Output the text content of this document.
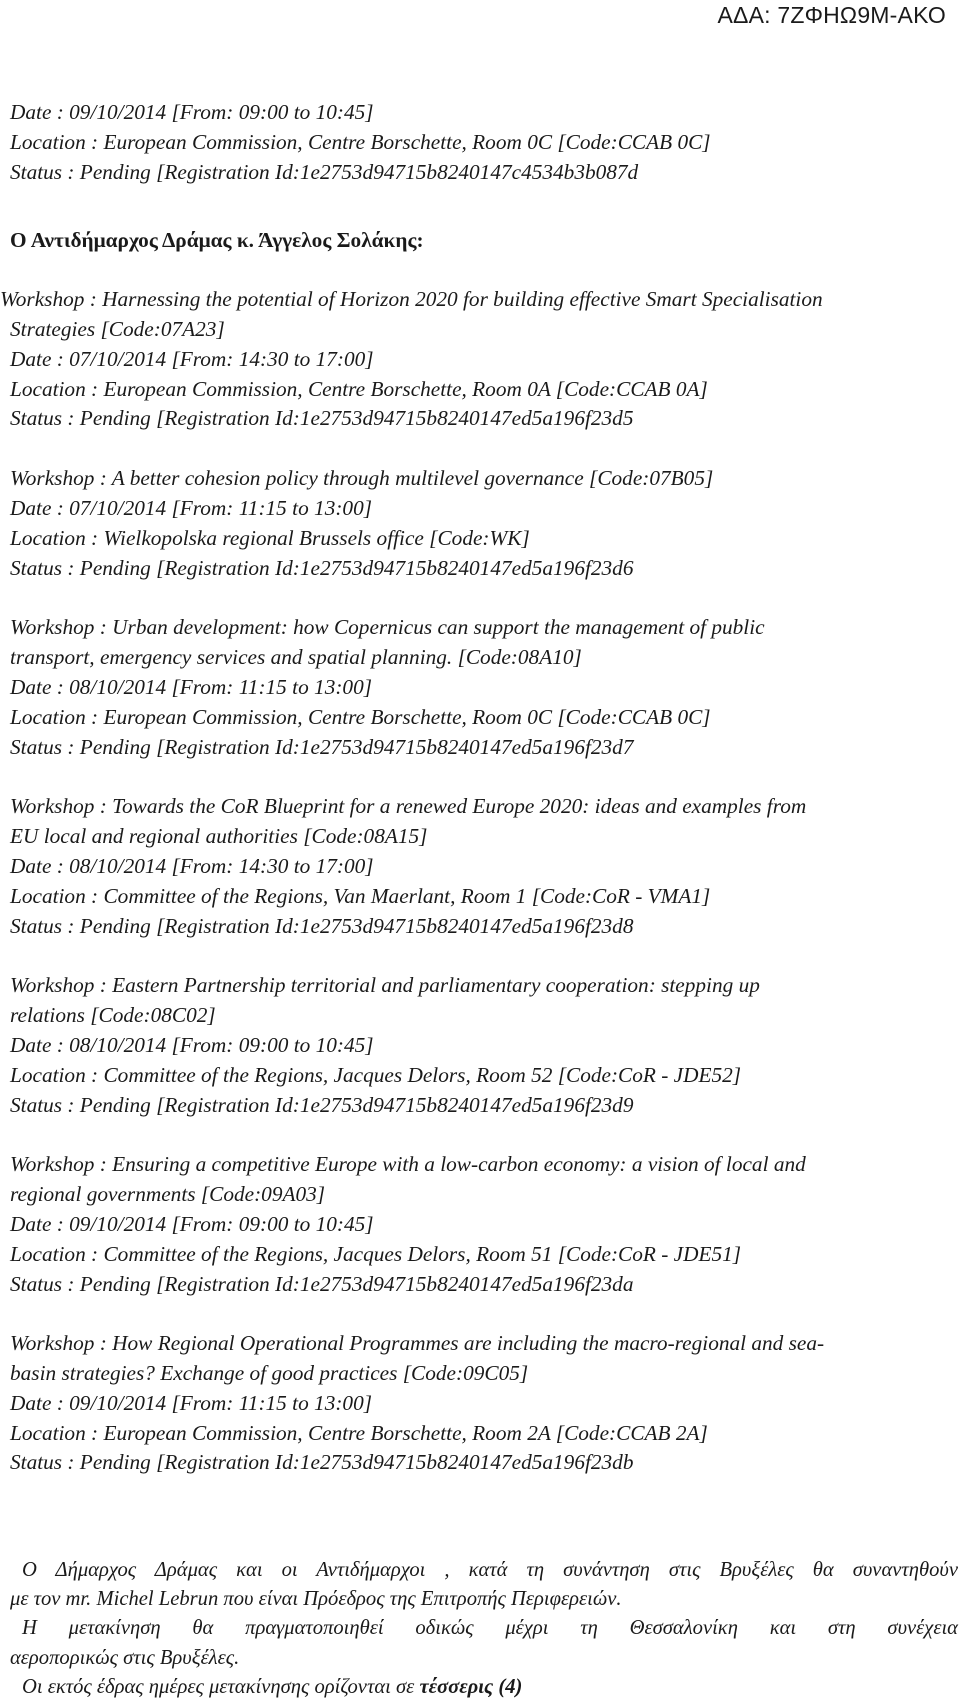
ΑΔΑ: 7ΖΦΗΩ9Μ-ΑΚΟ
Date : 09/10/2014 [From: 09:00 to 10:45]
Location : European Commission, Centre Borschette, Room 0C [Code:CCAB 0C]
Status : Pending [Registration Id:1e2753d94715b8240147c4534b3b087d
Ο Αντιδήμαρχος Δράμας κ. Άγγελος Σολάκης:
Workshop : Harnessing the potential of Horizon 2020 for building effective Smart Specialisation
Strategies [Code:07A23]
Date : 07/10/2014 [From: 14:30 to 17:00]
Location : European Commission, Centre Borschette, Room 0A [Code:CCAB 0A]
Status : Pending [Registration Id:1e2753d94715b8240147ed5a196f23d5
Workshop : A better cohesion policy through multilevel governance [Code:07B05]
Date : 07/10/2014 [From: 11:15 to 13:00]
Location : Wielkopolska regional Brussels office [Code:WK]
Status : Pending [Registration Id:1e2753d94715b8240147ed5a196f23d6
Workshop : Urban development: how Copernicus can support the management of public
transport, emergency services and spatial planning. [Code:08A10]
Date : 08/10/2014 [From: 11:15 to 13:00]
Location : European Commission, Centre Borschette, Room 0C [Code:CCAB 0C]
Status : Pending [Registration Id:1e2753d94715b8240147ed5a196f23d7
Workshop : Towards the CoR Blueprint for a renewed Europe 2020: ideas and examples from
EU local and regional authorities [Code:08A15]
Date : 08/10/2014 [From: 14:30 to 17:00]
Location : Committee of the Regions, Van Maerlant, Room 1 [Code:CoR - VMA1]
Status : Pending [Registration Id:1e2753d94715b8240147ed5a196f23d8
Workshop : Eastern Partnership territorial and parliamentary cooperation: stepping up
relations [Code:08C02]
Date : 08/10/2014 [From: 09:00 to 10:45]
Location : Committee of the Regions, Jacques Delors, Room 52 [Code:CoR - JDE52]
Status : Pending [Registration Id:1e2753d94715b8240147ed5a196f23d9
Workshop : Ensuring a competitive Europe with a low-carbon economy: a vision of local and
regional governments [Code:09A03]
Date : 09/10/2014 [From: 09:00 to 10:45]
Location : Committee of the Regions, Jacques Delors, Room 51 [Code:CoR - JDE51]
Status : Pending [Registration Id:1e2753d94715b8240147ed5a196f23da
Workshop : How Regional Operational Programmes are including the macro-regional and sea-
basin strategies? Exchange of good practices [Code:09C05]
Date : 09/10/2014 [From: 11:15 to 13:00]
Location : European Commission, Centre Borschette, Room 2A [Code:CCAB 2A]
Status : Pending [Registration Id:1e2753d94715b8240147ed5a196f23db

Ο Δήμαρχος Δράμας και οι Αντιδήμαρχοι , κατά τη συνάντηση στις Βρυξέλες θα συναντηθούν

με τον mr. Michel Lebrun που είναι Πρόεδρος της Επιτροπής Περιφερειών.

Η μετακίνηση θα πραγματοποιηθεί οδικώς μέχρι τη Θεσσαλονίκη και στη συνέχεια

αεροπορικώς στις Βρυξέλες.

Οι εκτός έδρας ημέρες μετακίνησης ορίζονται σε τέσσερις (4)
